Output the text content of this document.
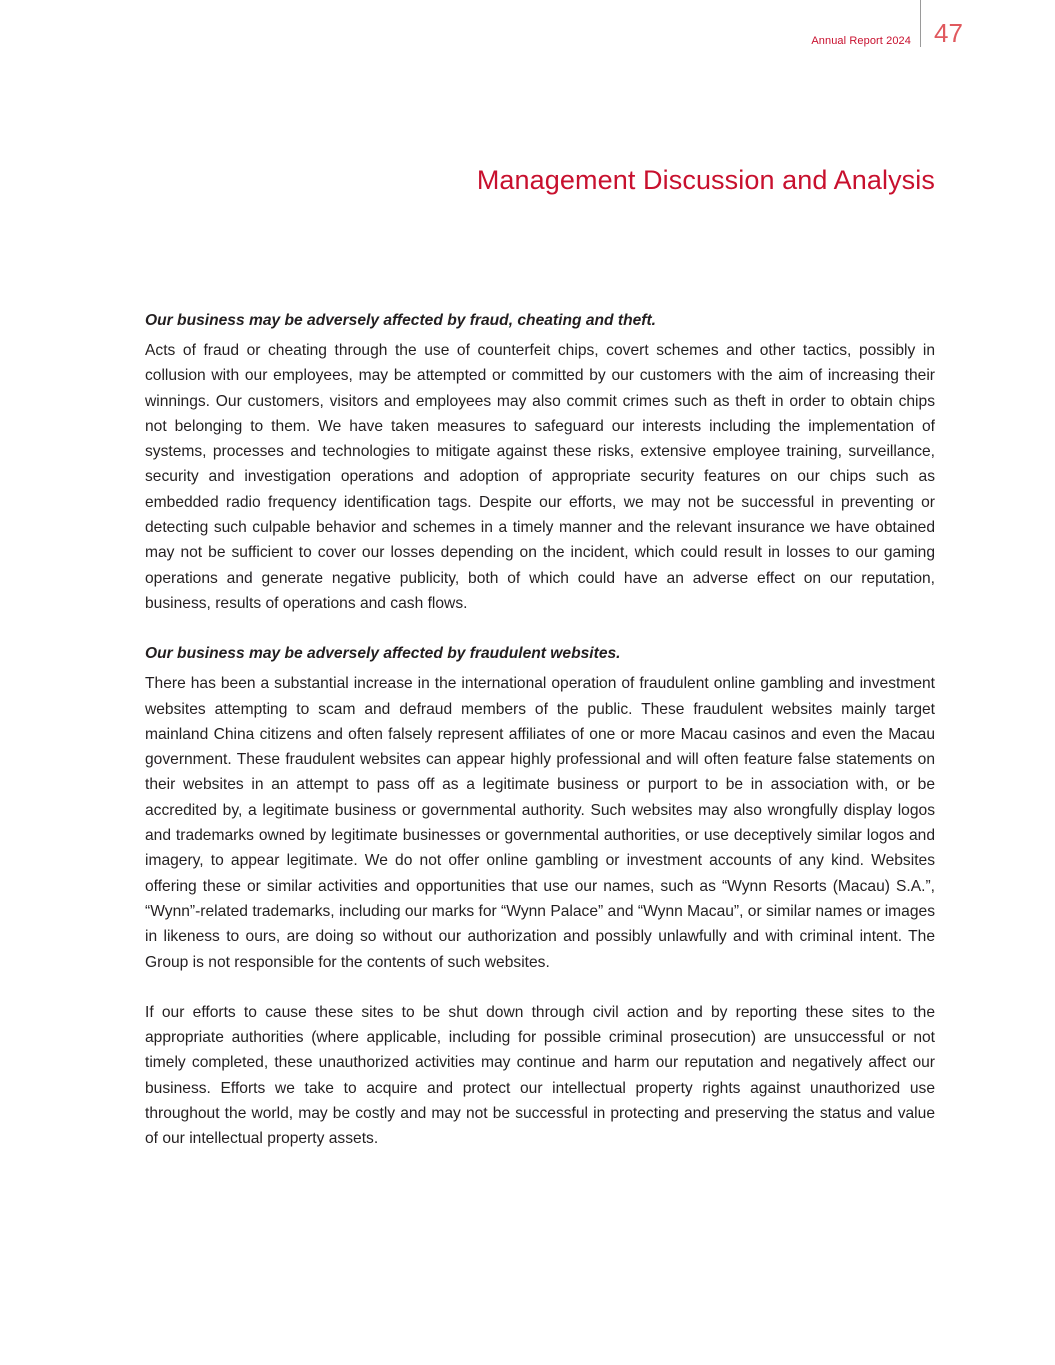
Annual Report 2024 47
Management Discussion and Analysis
Our business may be adversely affected by fraud, cheating and theft.

Acts of fraud or cheating through the use of counterfeit chips, covert schemes and other tactics, possibly in collusion with our employees, may be attempted or committed by our customers with the aim of increasing their winnings. Our customers, visitors and employees may also commit crimes such as theft in order to obtain chips not belonging to them. We have taken measures to safeguard our interests including the implementation of systems, processes and technologies to mitigate against these risks, extensive employee training, surveillance, security and investigation operations and adoption of appropriate security features on our chips such as embedded radio frequency identification tags. Despite our efforts, we may not be successful in preventing or detecting such culpable behavior and schemes in a timely manner and the relevant insurance we have obtained may not be sufficient to cover our losses depending on the incident, which could result in losses to our gaming operations and generate negative publicity, both of which could have an adverse effect on our reputation, business, results of operations and cash flows.

Our business may be adversely affected by fraudulent websites.

There has been a substantial increase in the international operation of fraudulent online gambling and investment websites attempting to scam and defraud members of the public. These fraudulent websites mainly target mainland China citizens and often falsely represent affiliates of one or more Macau casinos and even the Macau government. These fraudulent websites can appear highly professional and will often feature false statements on their websites in an attempt to pass off as a legitimate business or purport to be in association with, or be accredited by, a legitimate business or governmental authority. Such websites may also wrongfully display logos and trademarks owned by legitimate businesses or governmental authorities, or use deceptively similar logos and imagery, to appear legitimate. We do not offer online gambling or investment accounts of any kind. Websites offering these or similar activities and opportunities that use our names, such as “Wynn Resorts (Macau) S.A.”, “Wynn”-related trademarks, including our marks for “Wynn Palace” and “Wynn Macau”, or similar names or images in likeness to ours, are doing so without our authorization and possibly unlawfully and with criminal intent. The Group is not responsible for the contents of such websites.

If our efforts to cause these sites to be shut down through civil action and by reporting these sites to the appropriate authorities (where applicable, including for possible criminal prosecution) are unsuccessful or not timely completed, these unauthorized activities may continue and harm our reputation and negatively affect our business. Efforts we take to acquire and protect our intellectual property rights against unauthorized use throughout the world, may be costly and may not be successful in protecting and preserving the status and value of our intellectual property assets.
